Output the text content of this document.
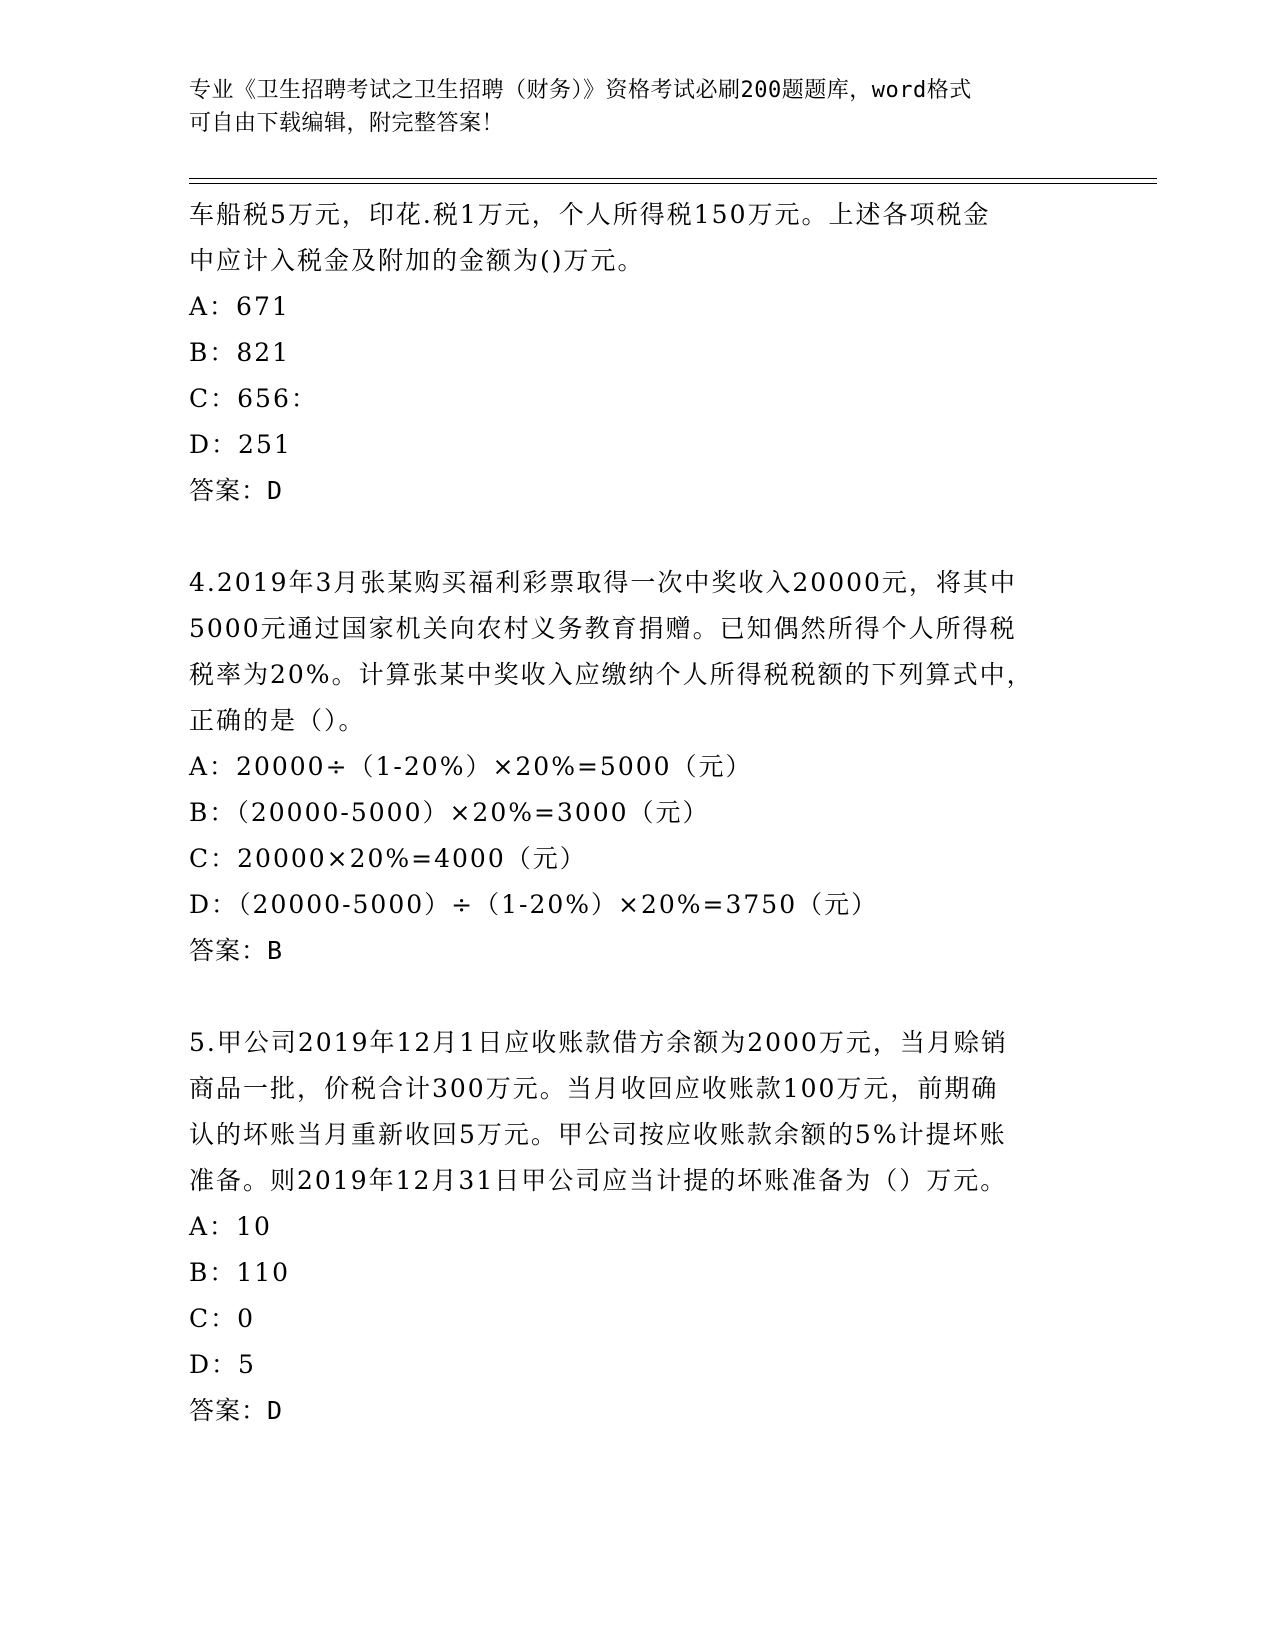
专业《卫生招聘考试之卫生招聘（财务）》资格考试必刷200题题库，word格式
可自由下载编辑，附完整答案！
车船税5万元，印花.税1万元，个人所得税150万元。上述各项税金
中应计入税金及附加的金额为()万元。
A：671
B：821
C：656：
D：251
答案：D
4.2019年3月张某购买福利彩票取得一次中奖收入20000元，将其中
5000元通过国家机关向农村义务教育捐赠。已知偶然所得个人所得税
税率为20%。计算张某中奖收入应缴纳个人所得税税额的下列算式中，
正确的是（）。
A：20000÷（1-20%）×20%=5000（元）
B：（20000-5000）×20%=3000（元）
C：20000×20%=4000（元）
D：（20000-5000）÷（1-20%）×20%=3750（元）
答案：B
5.甲公司2019年12月1日应收账款借方余额为2000万元，当月赊销
商品一批，价税合计300万元。当月收回应收账款100万元，前期确
认的坏账当月重新收回5万元。甲公司按应收账款余额的5%计提坏账
准备。则2019年12月31日甲公司应当计提的坏账准备为（）万元。
A：10
B：110
C：0
D：5
答案：D
